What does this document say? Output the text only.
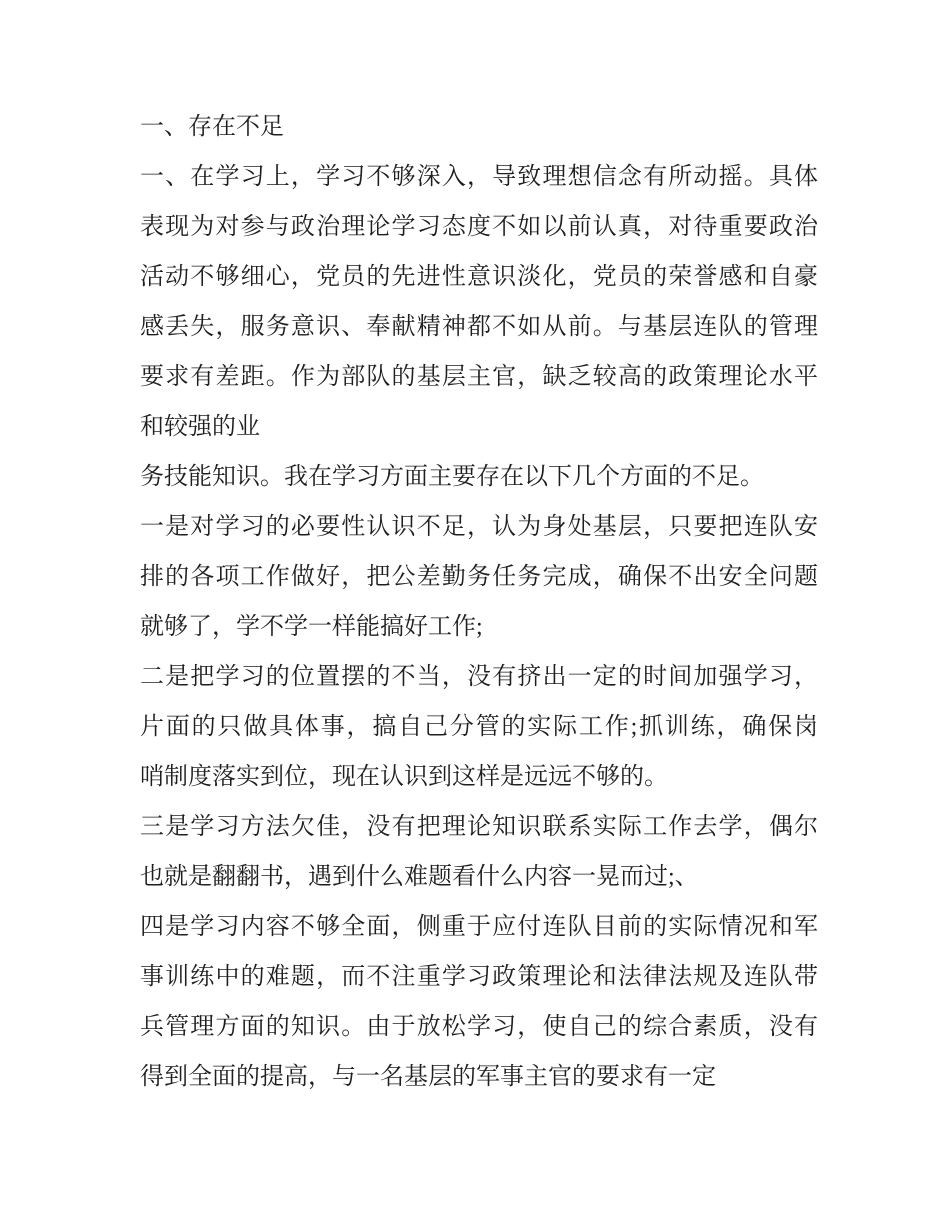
一、存在不足
一、在学习上，学习不够深入，导致理想信念有所动摇。具体
表现为对参与政治理论学习态度不如以前认真，对待重要政治
活动不够细心，党员的先进性意识淡化，党员的荣誉感和自豪
感丢失，服务意识、奉献精神都不如从前。与基层连队的管理
要求有差距。作为部队的基层主官，缺乏较高的政策理论水平
和较强的业
务技能知识。我在学习方面主要存在以下几个方面的不足。
一是对学习的必要性认识不足，认为身处基层，只要把连队安
排的各项工作做好，把公差勤务任务完成，确保不出安全问题
就够了，学不学一样能搞好工作;
二是把学习的位置摆的不当，没有挤出一定的时间加强学习，
片面的只做具体事，搞自己分管的实际工作;抓训练，确保岗
哨制度落实到位，现在认识到这样是远远不够的。
三是学习方法欠佳，没有把理论知识联系实际工作去学，偶尔
也就是翻翻书，遇到什么难题看什么内容一晃而过;、
四是学习内容不够全面，侧重于应付连队目前的实际情况和军
事训练中的难题，而不注重学习政策理论和法律法规及连队带
兵管理方面的知识。由于放松学习，使自己的综合素质，没有
得到全面的提高，与一名基层的军事主官的要求有一定
